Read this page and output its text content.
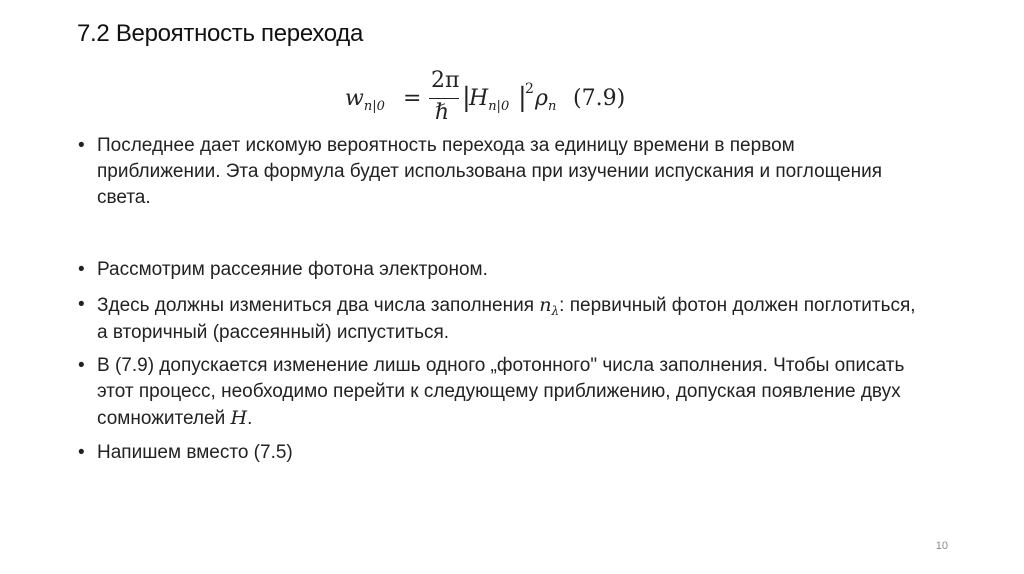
7.2 Вероятность перехода
$w_{n|0}$ =
2π
ℏ |
$H_{n|0}$ |
$^2$ $\rho_n$ (7.9)
• Последнее дает искомую вероятность перехода за единицу времени в первом приближении. Эта формула будет использована при изучении испускания и поглощения света.
• Рассмотрим рассеяние фотона электроном.
• Здесь должны измениться два числа заполнения $n_\lambda$: первичный фотон должен поглотиться, а вторичный (рассеянный) испуститься.
• В (7.9) допускается изменение лишь одного „фотонного" числа заполнения. Чтобы описать этот процесс, необходимо перейти к следующему приближению, допуская появление двух сомножителей H.
• Напишем вместо (7.5)
10
